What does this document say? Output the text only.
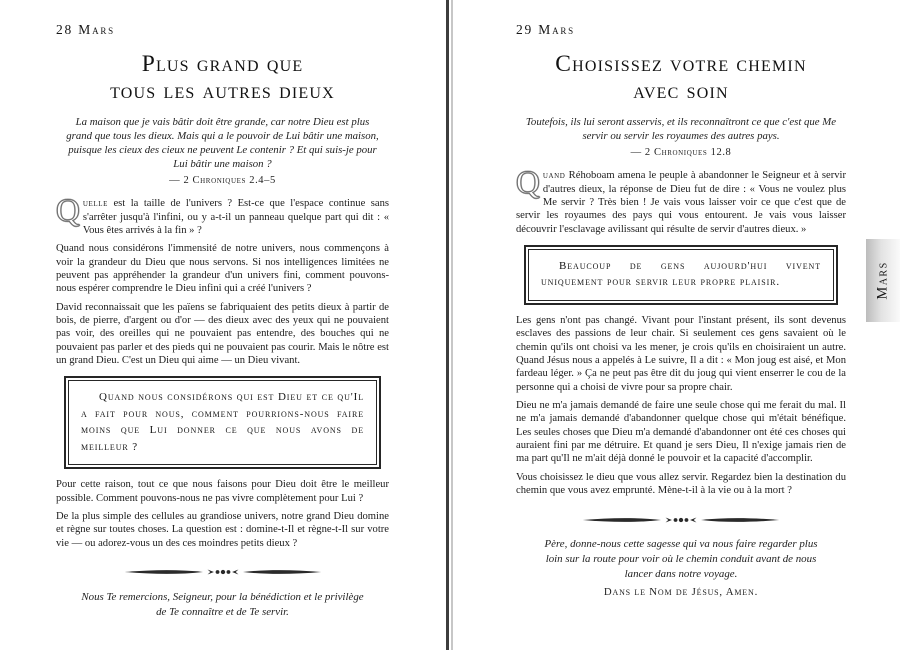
28 Mars
Plus grand que
tous les autres dieux
La maison que je vais bâtir doit être grande, car notre Dieu est plus grand que tous les dieux. Mais qui a le pouvoir de Lui bâtir une maison, puisque les cieux des cieux ne peuvent Le contenir ? Et qui suis-je pour Lui bâtir une maison ?
— 2 Chroniques 2.4–5

Q uelle est la taille de l'univers ? Est-ce que l'espace continue sans s'arrêter jusqu'à l'infini, ou y a-t-il un panneau quelque part qui dit : « Vous êtes arrivés à la fin » ?

Quand nous considérons l'immensité de notre univers, nous commençons à voir la grandeur du Dieu que nous servons. Si nos intelligences limitées ne peuvent pas appréhender la grandeur d'un univers fini, comment pouvons-nous espérer comprendre le Dieu infini qui a créé l'univers ?

David reconnaissait que les païens se fabriquaient des petits dieux à partir de bois, de pierre, d'argent ou d'or — des dieux avec des yeux qui ne pouvaient pas voir, des oreilles qui ne pouvaient pas entendre, des bouches qui ne pouvaient pas parler et des pieds qui ne pouvaient pas courir. Mais le nôtre est un grand Dieu. C'est un Dieu qui aime — un Dieu vivant.

Quand nous considérons qui est Dieu et ce qu'Il a fait pour nous, comment pourrions-nous faire moins que Lui donner ce que nous avons de meilleur ?

Pour cette raison, tout ce que nous faisons pour Dieu doit être le meilleur possible. Comment pouvons-nous ne pas vivre complètement pour Lui ?

De la plus simple des cellules au grandiose univers, notre grand Dieu domine et règne sur toutes choses. La question est : domine-t-Il et règne-t-Il sur votre vie — ou adorez-vous un des ces moindres petits dieux ?

Nous Te remercions, Seigneur, pour la bénédiction et le privilège de Te connaître et de Te servir.
29 Mars
Choisissez votre chemin
avec soin
Toutefois, ils lui seront asservis, et ils reconnaîtront ce que c'est que Me servir ou servir les royaumes des autres pays.
— 2 Chroniques 12.8

Q uand Réhoboam amena le peuple à abandonner le Seigneur et à servir d'autres dieux, la réponse de Dieu fut de dire : « Vous ne voulez plus Me servir ? Très bien ! Je vais vous laisser voir ce que c'est que de servir les royaumes des pays qui vous entourent. Je vais vous laisser découvrir l'esclavage avilissant qui résulte de servir d'autres dieux. »

Beaucoup de gens aujourd'hui vivent uniquement pour servir leur propre plaisir.

Les gens n'ont pas changé. Vivant pour l'instant présent, ils sont devenus esclaves des passions de leur chair. Si seulement ces gens savaient où le chemin qu'ils ont choisi va les mener, je crois qu'ils en choisiraient un autre. Quand Jésus nous a appelés à Le suivre, Il a dit : « Mon joug est aisé, et Mon fardeau léger. » Ça ne peut pas être dit du joug qui vient enserrer le cou de la personne qui a choisi de vivre pour sa propre chair.

Dieu ne m'a jamais demandé de faire une seule chose qui me ferait du mal. Il ne m'a jamais demandé d'abandonner quelque chose qui m'était bénéfique. Les seules choses que Dieu m'a demandé d'abandonner ont été ces choses qui auraient fini par me détruire. Et quand je sers Dieu, Il n'exige jamais rien de ma part qu'Il ne m'ait déjà donné le pouvoir et la capacité d'accomplir.

Vous choisissez le dieu que vous allez servir. Regardez bien la destination du chemin que vous avez emprunté. Mène-t-il à la vie ou à la mort ?

Père, donne-nous cette sagesse qui va nous faire regarder plus loin sur la route pour voir où le chemin conduit avant de nous lancer dans notre voyage.
Dans le Nom de Jésus, Amen.
Mars
